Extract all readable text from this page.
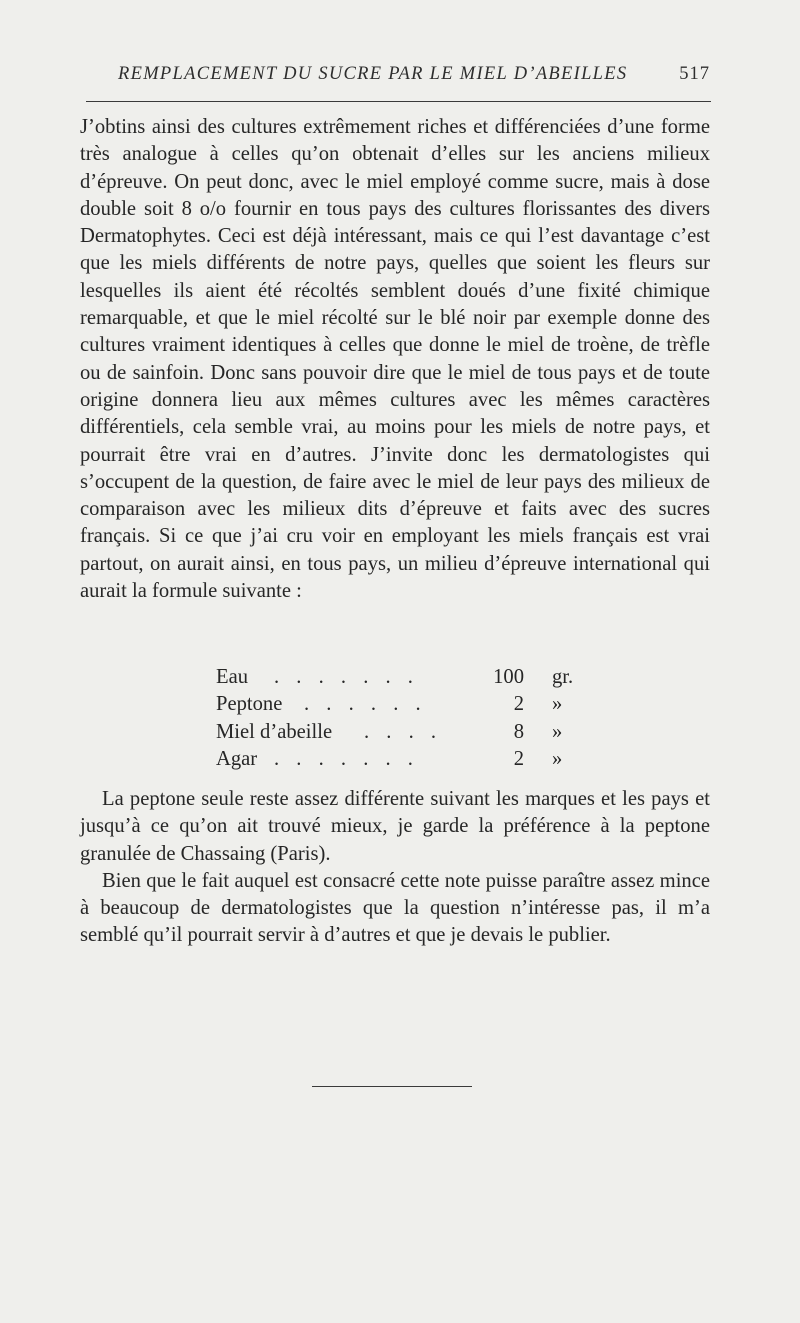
REMPLACEMENT DU SUCRE PAR LE MIEL D’ABEILLES	517

J’obtins ainsi des cultures extrêmement riches et différenciées d’une forme très analogue à celles qu’on obtenait d’elles sur les anciens milieux d’épreuve. On peut donc, avec le miel employé comme sucre, mais à dose double soit 8 o/o fournir en tous pays des cultures florissantes des divers Dermatophytes. Ceci est déjà intéressant, mais ce qui l’est davantage c’est que les miels différents de notre pays, quelles que soient les fleurs sur lesquelles ils aient été récoltés semblent doués d’une fixité chimique remarquable, et que le miel récolté sur le blé noir par exemple donne des cultures vraiment identiques à celles que donne le miel de troène, de trèfle ou de sainfoin. Donc sans pouvoir dire que le miel de tous pays et de toute origine donnera lieu aux mêmes cultures avec les mêmes caractères différentiels, cela semble vrai, au moins pour les miels de notre pays, et pourrait être vrai en d’autres. J’invite donc les dermatologistes qui s’occupent de la question, de faire avec le miel de leur pays des milieux de comparaison avec les milieux dits d’épreuve et faits avec des sucres français. Si ce que j’ai cru voir en employant les miels français est vrai partout, on aurait ainsi, en tous pays, un milieu d’épreuve international qui aurait la formule suivante :

Eau . . . . . . .	100 gr.
Peptone . . . . . .	2 »
Miel d’abeille . . . .	8 »
Agar . . . . . . .	2 »

La peptone seule reste assez différente suivant les marques et les pays et jusqu’à ce qu’on ait trouvé mieux, je garde la préférence à la peptone granulée de Chassaing (Paris).

Bien que le fait auquel est consacré cette note puisse paraître assez mince à beaucoup de dermatologistes que la question n’intéresse pas, il m’a semblé qu’il pourrait servir à d’autres et que je devais le publier.
